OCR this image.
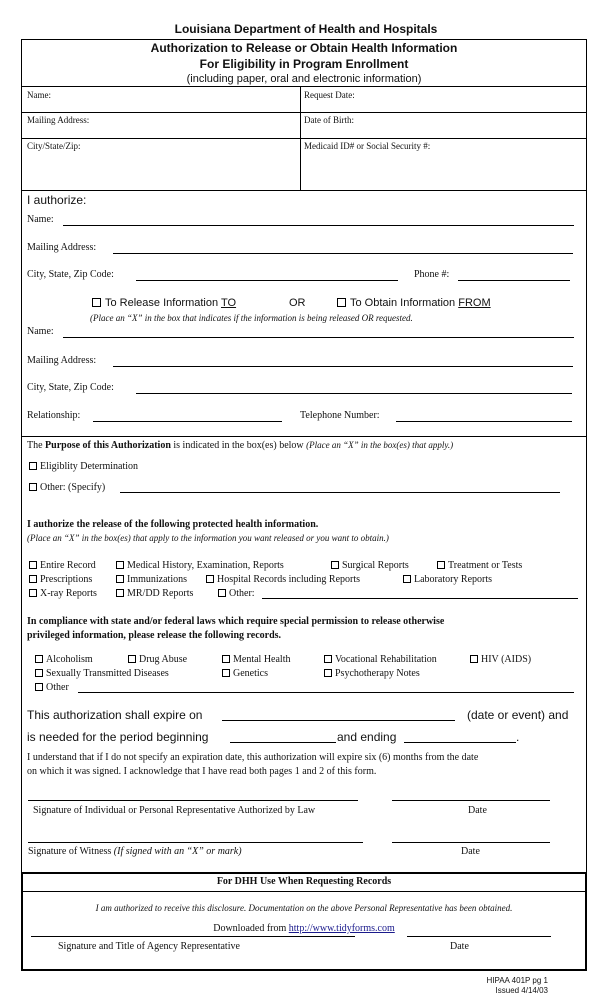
Louisiana Department of Health and Hospitals
Authorization to Release or Obtain Health Information
For Eligibility in Program Enrollment
(including paper, oral and electronic information)
Name:	Request Date:
Mailing Address:	Date of Birth:
City/State/Zip:	Medicaid ID# or Social Security #:
I authorize:
Name:
Mailing Address:
City, State, Zip Code:	Phone #:
To Release Information TO	OR	To Obtain Information FROM
(Place an “X” in the box that indicates if the information is being released OR requested.
Name:
Mailing Address:
City, State, Zip Code:
Relationship:	Telephone Number:
The Purpose of this Authorization is indicated in the box(es) below (Place an “X” in the box(es) that apply.)
Eligiblity Determination
Other: (Specify)
I authorize the release of the following protected health information.
(Place an “X” in the box(es) that apply to the information you want released or you want to obtain.)
Entire Record	Medical History, Examination, Reports	Surgical Reports	Treatment or Tests
Prescriptions	Immunizations	Hospital Records including Reports	Laboratory Reports
X-ray Reports	MR/DD Reports	Other:
In compliance with state and/or federal laws which require special permission to release otherwise
privileged information, please release the following records.
Alcoholism	Drug Abuse	Mental Health	Vocational Rehabilitation	HIV (AIDS)
Sexually Transmitted Diseases	Genetics	Psychotherapy Notes
Other
This authorization shall expire on	(date or event) and
is needed for the period beginning	and ending	.
I understand that if I do not specify an expiration date, this authorization will expire six (6) months from the date
on which it was signed. I acknowledge that I have read both pages 1 and 2 of this form.
Signature of Individual or Personal Representative Authorized by Law	Date
Signature of Witness (If signed with an “X” or mark)	Date
For DHH Use When Requesting Records
I am authorized to receive this disclosure. Documentation on the above Personal Representative has been obtained.
Downloaded from http://www.tidyforms.com
Signature and Title of Agency Representative	Date
HIPAA 401P pg 1
Issued 4/14/03
